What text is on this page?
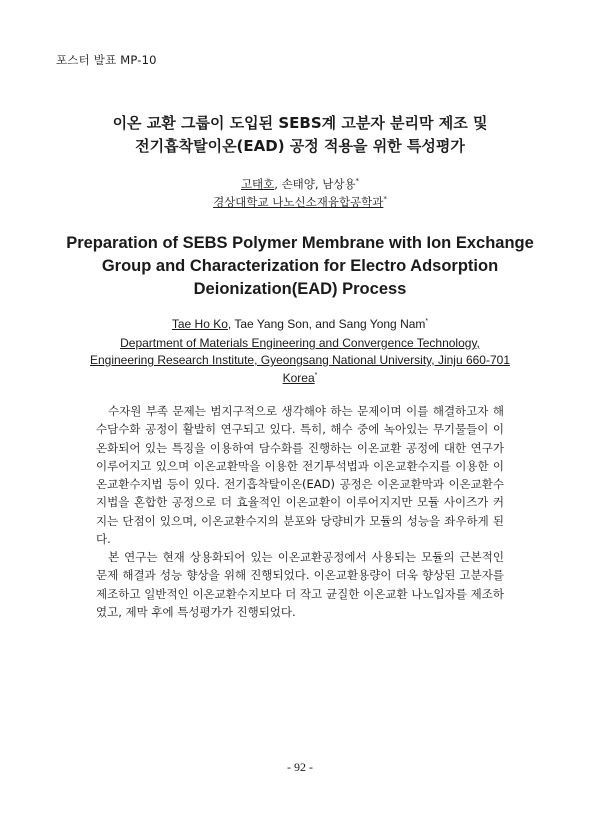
포스터 발표 MP-10
이온 교환 그룹이 도입된 SEBS계 고분자 분리막 제조 및
전기흡착탈이온(EAD) 공정 적용을 위한 특성평가
고태호, 손태양, 남상용*
경상대학교 나노신소재융합공학과*
Preparation of SEBS Polymer Membrane with Ion Exchange
Group and Characterization for Electro Adsorption
Deionization(EAD) Process
Tae Ho Ko, Tae Yang Son, and Sang Yong Nam*
Department of Materials Engineering and Convergence Technology,
Engineering Research Institute, Gyeongsang National University, Jinju 660-701
Korea*

수자원 부족 문제는 범지구적으로 생각해야 하는 문제이며 이를 해결하고자 해수담수화 공정이 활발히 연구되고 있다. 특히, 해수 중에 녹아있는 무기물들이 이온화되어 있는 특징을 이용하여 담수화를 진행하는 이온교환 공정에 대한 연구가 이루어지고 있으며 이온교환막을 이용한 전기투석법과 이온교환수지를 이용한 이온교환수지법 등이 있다. 전기흡착탈이온(EAD) 공정은 이온교환막과 이온교환수지법을 혼합한 공정으로 더 효율적인 이온교환이 이루어지지만 모듈 사이즈가 커지는 단점이 있으며, 이온교환수지의 분포와 당량비가 모듈의 성능을 좌우하게 된다.

본 연구는 현재 상용화되어 있는 이온교환공정에서 사용되는 모듈의 근본적인 문제 해결과 성능 향상을 위해 진행되었다. 이온교환용량이 더욱 향상된 고분자를 제조하고 일반적인 이온교환수지보다 더 작고 균질한 이온교환 나노입자를 제조하였고, 제막 후에 특성평가가 진행되었다.

- 92 -
